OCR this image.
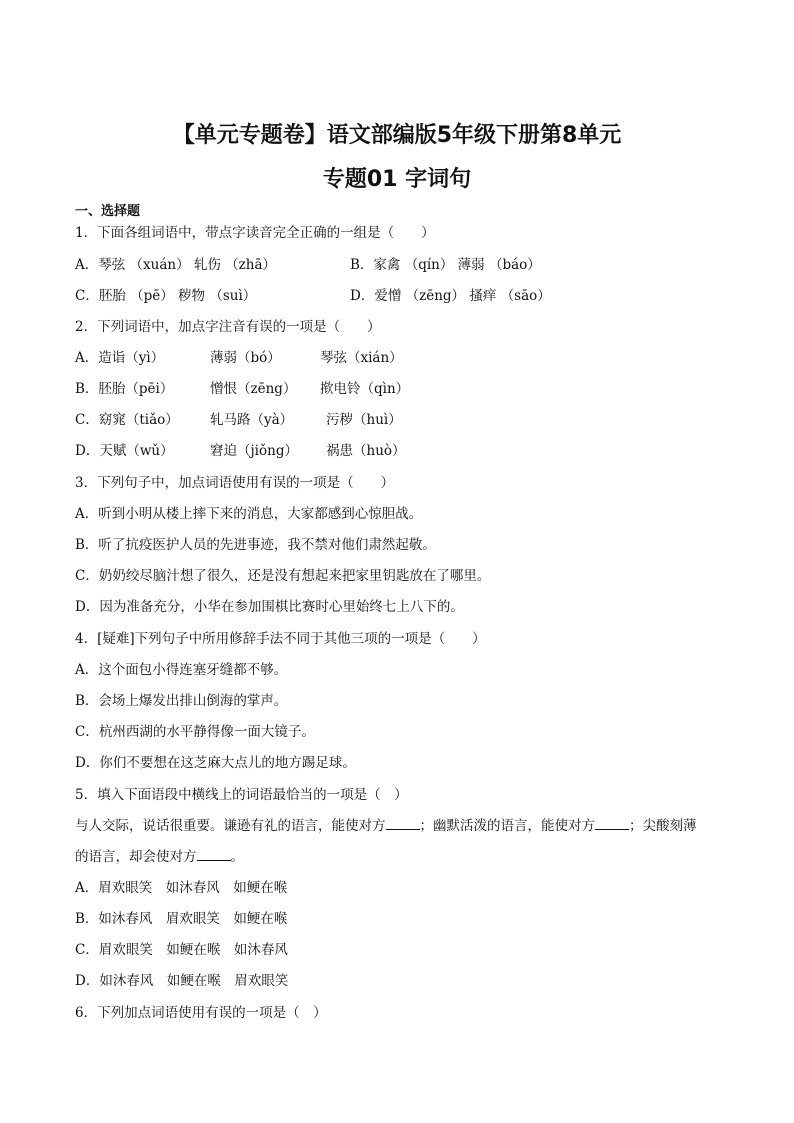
【单元专题卷】语文部编版5年级下册第8单元
专题01 字词句
一、选择题
1．下面各组词语中，带点字读音完全正确的一组是（　　）
A．琴弦 （xuán） 轧伤 （zhā）	B．家禽 （qín） 薄弱 （báo）
C．胚胎 （pē） 秽物 （suì）	D．爱憎 （zēng） 搔痒 （sāo）
2．下列词语中，加点字注音有误的一项是（　　）
A．造诣（yì）	薄弱（bó）	琴弦（xián）
B．胚胎（pēi）	憎恨（zēng） 揿电铃（qìn）
C．窈窕（tiǎo） 轧马路（yà） 污秽（huì）
D．天赋（wǔ）	窘迫（jiǒng） 祸患（huò）
3．下列句子中，加点词语使用有误的一项是（　　）
A．听到小明从楼上摔下来的消息，大家都感到心惊胆战。
B．听了抗疫医护人员的先进事迹，我不禁对他们肃然起敬。
C．奶奶绞尽脑汁想了很久，还是没有想起来把家里钥匙放在了哪里。
D．因为准备充分，小华在参加围棋比赛时心里始终七上八下的。
4．[疑难]下列句子中所用修辞手法不同于其他三项的一项是（　　）
A．这个面包小得连塞牙缝都不够。
B．会场上爆发出排山倒海的掌声。
C．杭州西湖的水平静得像一面大镜子。
D．你们不要想在这芝麻大点儿的地方踢足球。
5．填入下面语段中横线上的词语最恰当的一项是（　）
与人交际，说话很重要。谦逊有礼的语言，能使对方	；幽默活泼的语言，能使对方	；尖酸刻薄
的语言，却会使对方	。
A．眉欢眼笑　如沐春风　如鲠在喉
B．如沐春风　眉欢眼笑　如鲠在喉
C．眉欢眼笑　如鲠在喉　如沐春风
D．如沐春风　如鲠在喉　眉欢眼笑
6．下列加点词语使用有误的一项是（　）
